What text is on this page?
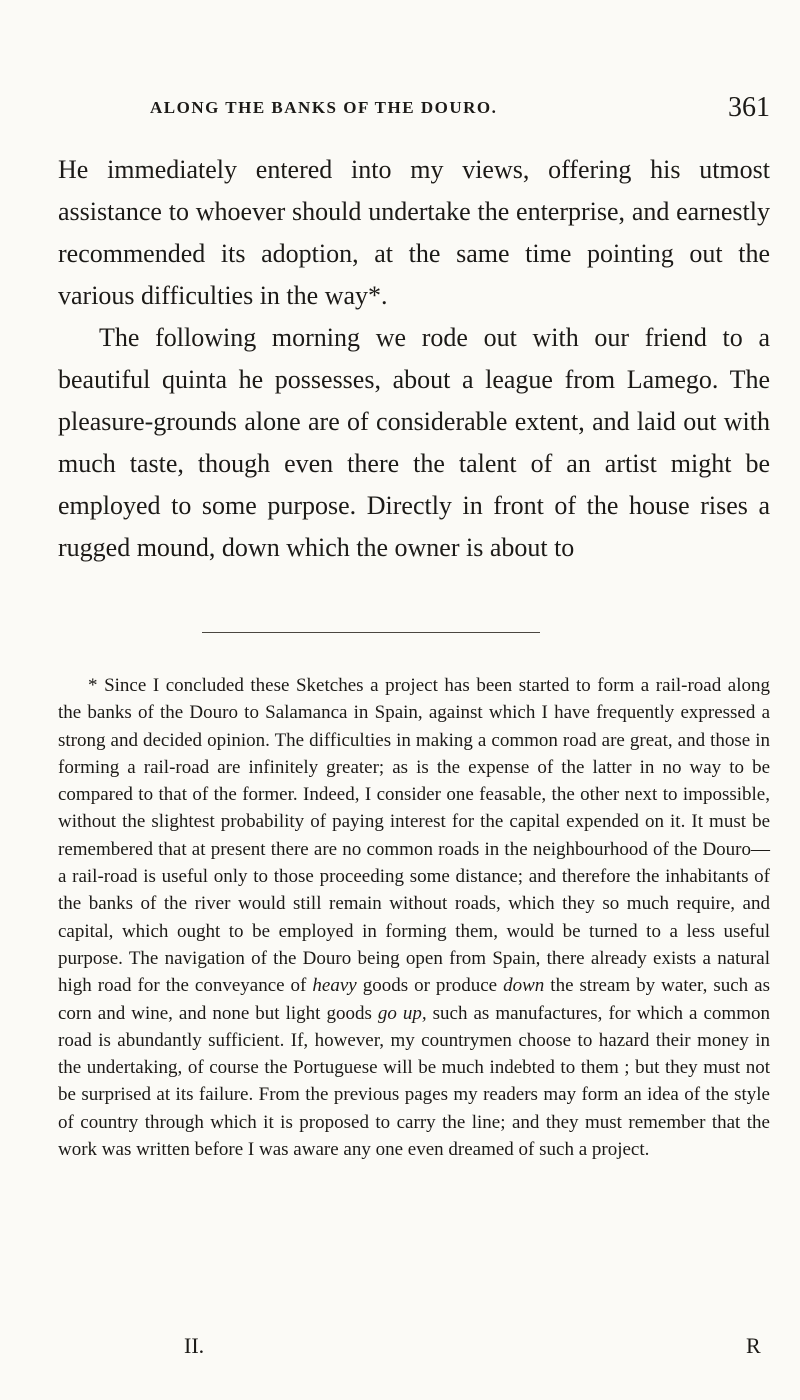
ALONG THE BANKS OF THE DOURO.	361

He immediately entered into my views, offering his utmost assistance to whoever should undertake the enterprise, and earnestly recommended its adoption, at the same time pointing out the various difficulties in the way*.

The following morning we rode out with our friend to a beautiful quinta he possesses, about a league from Lamego. The pleasure-grounds alone are of considerable extent, and laid out with much taste, though even there the talent of an artist might be employed to some purpose. Directly in front of the house rises a rugged mound, down which the owner is about to

* Since I concluded these Sketches a project has been started to form a rail-road along the banks of the Douro to Salamanca in Spain, against which I have frequently expressed a strong and decided opinion. The difficulties in making a common road are great, and those in forming a rail-road are infinitely greater; as is the expense of the latter in no way to be compared to that of the former. Indeed, I consider one feasable, the other next to impossible, without the slightest probability of paying interest for the capital expended on it. It must be remembered that at present there are no common roads in the neighbourhood of the Douro—a rail-road is useful only to those proceeding some distance; and therefore the inhabitants of the banks of the river would still remain without roads, which they so much require, and capital, which ought to be employed in forming them, would be turned to a less useful purpose. The navigation of the Douro being open from Spain, there already exists a natural high road for the conveyance of heavy goods or produce down the stream by water, such as corn and wine, and none but light goods go up, such as manufactures, for which a common road is abundantly sufficient. If, however, my countrymen choose to hazard their money in the undertaking, of course the Portuguese will be much indebted to them ; but they must not be surprised at its failure. From the previous pages my readers may form an idea of the style of country through which it is proposed to carry the line; and they must remember that the work was written before I was aware any one even dreamed of such a project.

II.	R
